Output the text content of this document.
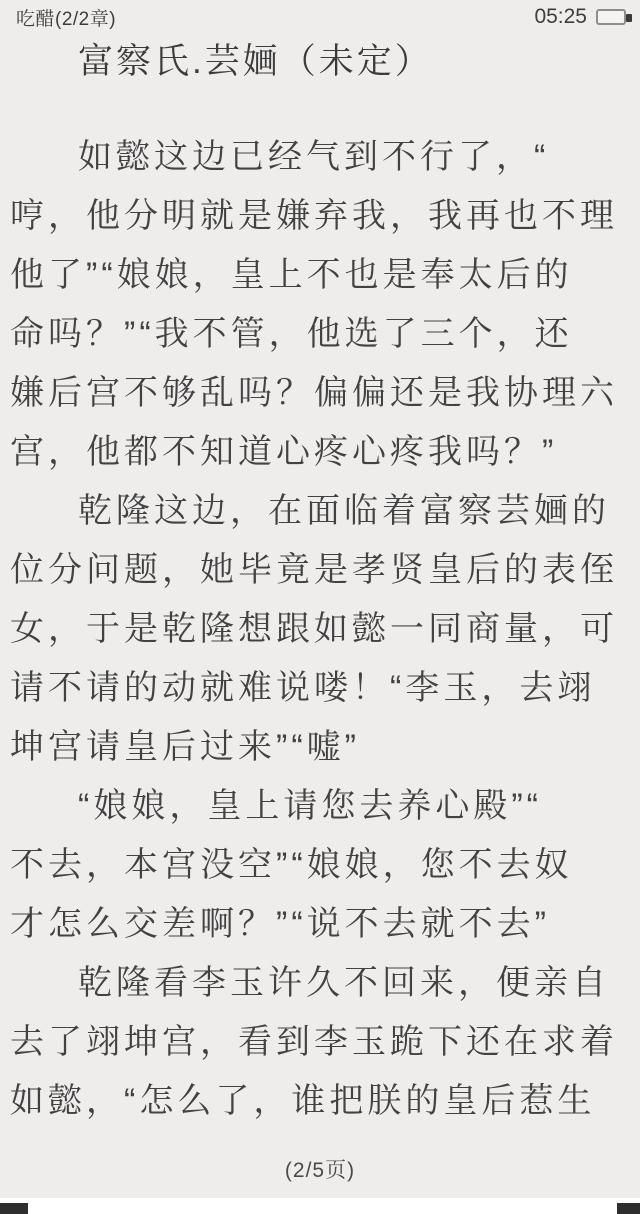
吃醋(2/2章)	05:25
富察氏.芸婳（未定）
如懿这边已经气到不行了，“
哼，他分明就是嫌弃我，我再也不理
他了”“娘娘，皇上不也是奉太后的
命吗？”“我不管，他选了三个，还
嫌后宫不够乱吗？偏偏还是我协理六
宫，他都不知道心疼心疼我吗？”
乾隆这边，在面临着富察芸婳的
位分问题，她毕竟是孝贤皇后的表侄
女，于是乾隆想跟如懿一同商量，可
请不请的动就难说喽！“李玉，去翊
坤宫请皇后过来”“嘘”
“娘娘，皇上请您去养心殿”“
不去，本宫没空”“娘娘，您不去奴
才怎么交差啊？”“说不去就不去”
乾隆看李玉许久不回来，便亲自
去了翊坤宫，看到李玉跪下还在求着
如懿，“怎么了，谁把朕的皇后惹生
(2/5页)
